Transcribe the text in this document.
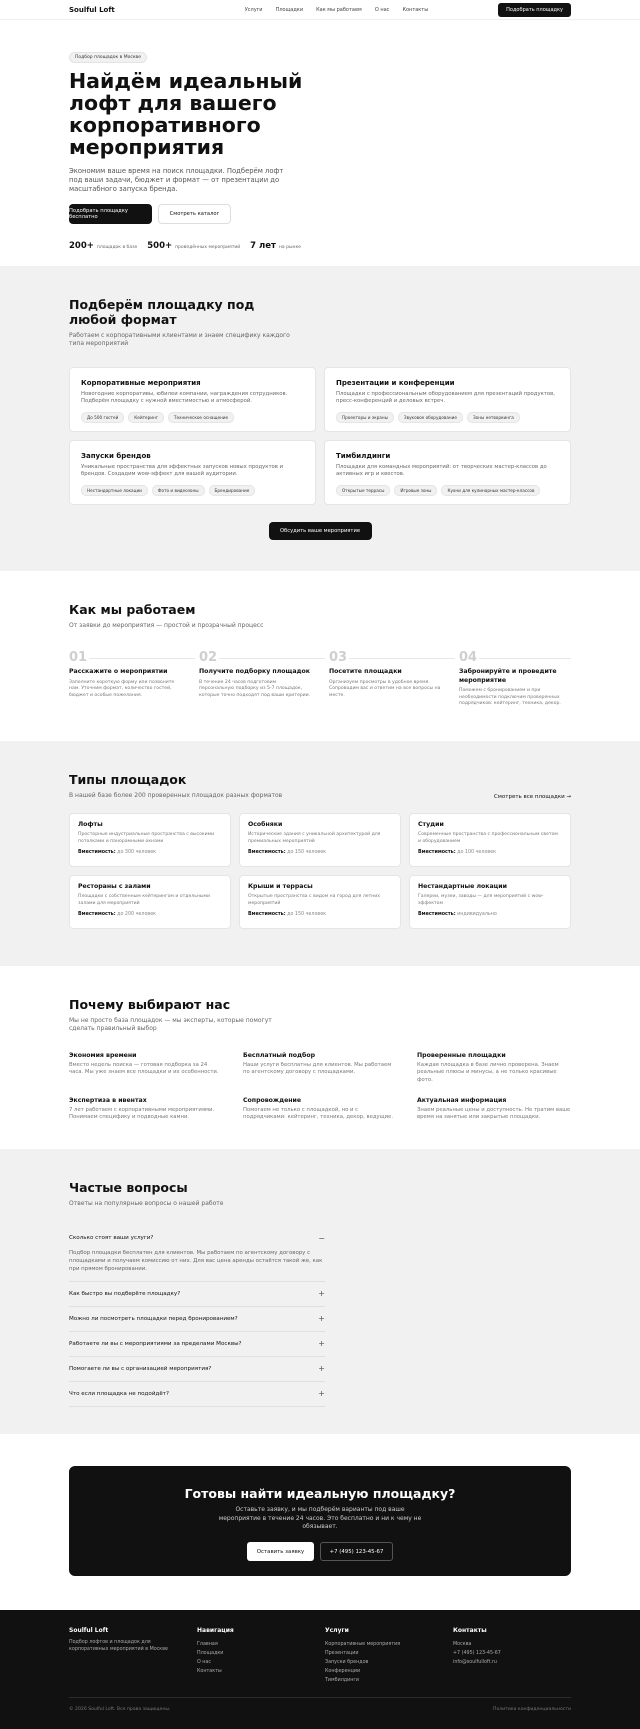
Soulful Loft	Услуги	Площадки	Как мы работаем	О нас	Контакты	Подобрать площадку
Подбор площадок в Москве
Найдём идеальный лофт для вашего корпоративного мероприятия

Экономим ваше время на поиск площадки. Подберём лофт под ваши задачи, бюджет и формат — от презентации до масштабного запуска бренда.

Подобрать площадку бесплатно	Смотреть каталог
200+ площадок в базе 500+ проведённых мероприятий 7 лет на рынке
Подберём площадку под любой формат

Работаем с корпоративными клиентами и знаем специфику каждого типа мероприятий

Корпоративные мероприятия

Новогодние корпоративы, юбилеи компании, награждения сотрудников. Подберём площадку с нужной вместимостью и атмосферой.

До 500 гостей	Кейтеринг	Техническое оснащение
Презентации и конференции

Площадки с профессиональным оборудованием для презентаций продуктов, пресс-конференций и деловых встреч.

Проекторы и экраны	Звуковое оборудование	Зоны нетворкинга
Запуски брендов

Уникальные пространства для эффектных запусков новых продуктов и брендов. Создадим wow-эффект для вашей аудитории.

Нестандартные локации	Фото и видеозоны	Брендирование
Тимбилдинги

Площадки для командных мероприятий: от творческих мастер-классов до активных игр и квестов.

Открытые террасы	Игровые зоны	Кухни для кулинарных мастер-классов
Обсудить ваше мероприятие
Как мы работаем

От заявки до мероприятия — простой и прозрачный процесс

01
Расскажите о мероприятии

Заполните короткую форму или позвоните нам. Уточним формат, количество гостей, бюджет и особые пожелания.

02
Получите подборку площадок

В течение 24 часов подготовим персональную подборку из 5-7 площадок, которые точно подходят под ваши критерии.

03
Посетите площадки

Организуем просмотры в удобное время. Сопроводим вас и ответим на все вопросы на месте.

04
Забронируйте и проведите мероприятие

Поможем с бронированием и при необходимости подключим проверенных подрядчиков: кейтеринг, техника, декор.

Типы площадок

В нашей базе более 200 проверенных площадок разных форматов	Смотреть все площадки →
Лофты

Просторные индустриальные пространства с высокими потолками и панорамными окнами

Вместимость: до 300 человек
Особняки

Исторические здания с уникальной архитектурой для премиальных мероприятий

Вместимость: до 150 человек
Студии

Современные пространства с профессиональным светом и оборудованием

Вместимость: до 100 человек
Рестораны с залами

Площадки с собственным кейтерингом и отдельными залами для мероприятий

Вместимость: до 200 человек
Крыши и террасы

Открытые пространства с видом на город для летних мероприятий

Вместимость: до 150 человек
Нестандартные локации

Галереи, музеи, заводы — для мероприятий с wow-эффектом

Вместимость: индивидуально
Почему выбирают нас

Мы не просто база площадок — мы эксперты, которые помогут сделать правильный выбор

Экономия времени

Вместо недель поиска — готовая подборка за 24 часа. Мы уже знаем все площадки и их особенности.

Бесплатный подбор

Наши услуги бесплатны для клиентов. Мы работаем по агентскому договору с площадками.

Проверенные площадки

Каждая площадка в базе лично проверена. Знаем реальные плюсы и минусы, а не только красивые фото.

Экспертиза в ивентах

7 лет работаем с корпоративными мероприятиями. Понимаем специфику и подводные камни.

Сопровождение

Помогаем не только с площадкой, но и с подрядчиками: кейтеринг, техника, декор, ведущие.

Актуальная информация

Знаем реальные цены и доступность. Не тратим ваше время на занятые или закрытые площадки.

Частые вопросы

Ответы на популярные вопросы о нашей работе

Сколько стоят ваши услуги?	−
Подбор площадки бесплатен для клиентов. Мы работаем по агентскому договору с площадками и получаем комиссию от них. Для вас цена аренды остаётся такой же, как при прямом бронировании.
Как быстро вы подберёте площадку?	+
Можно ли посмотреть площадки перед бронированием?	+
Работаете ли вы с мероприятиями за пределами Москвы?	+
Помогаете ли вы с организацией мероприятия?	+
Что если площадка не подойдёт?	+
Готовы найти идеальную площадку?

Оставьте заявку, и мы подберём варианты под ваше мероприятие в течение 24 часов. Это бесплатно и ни к чему не обязывает.

Оставить заявку	+7 (495) 123-45-67
Soulful Loft

Подбор лофтов и площадок для корпоративных мероприятий в Москве

Навигация
Главная
Площадки
О нас
Контакты
Услуги
Корпоративные мероприятия
Презентации
Запуски брендов
Конференции
Тимбилдинги
Контакты
Москва
+7 (495) 123-45-67
info@soulfulloft.ru
© 2026 Soulful Loft. Все права защищены.	Политика конфиденциальности
